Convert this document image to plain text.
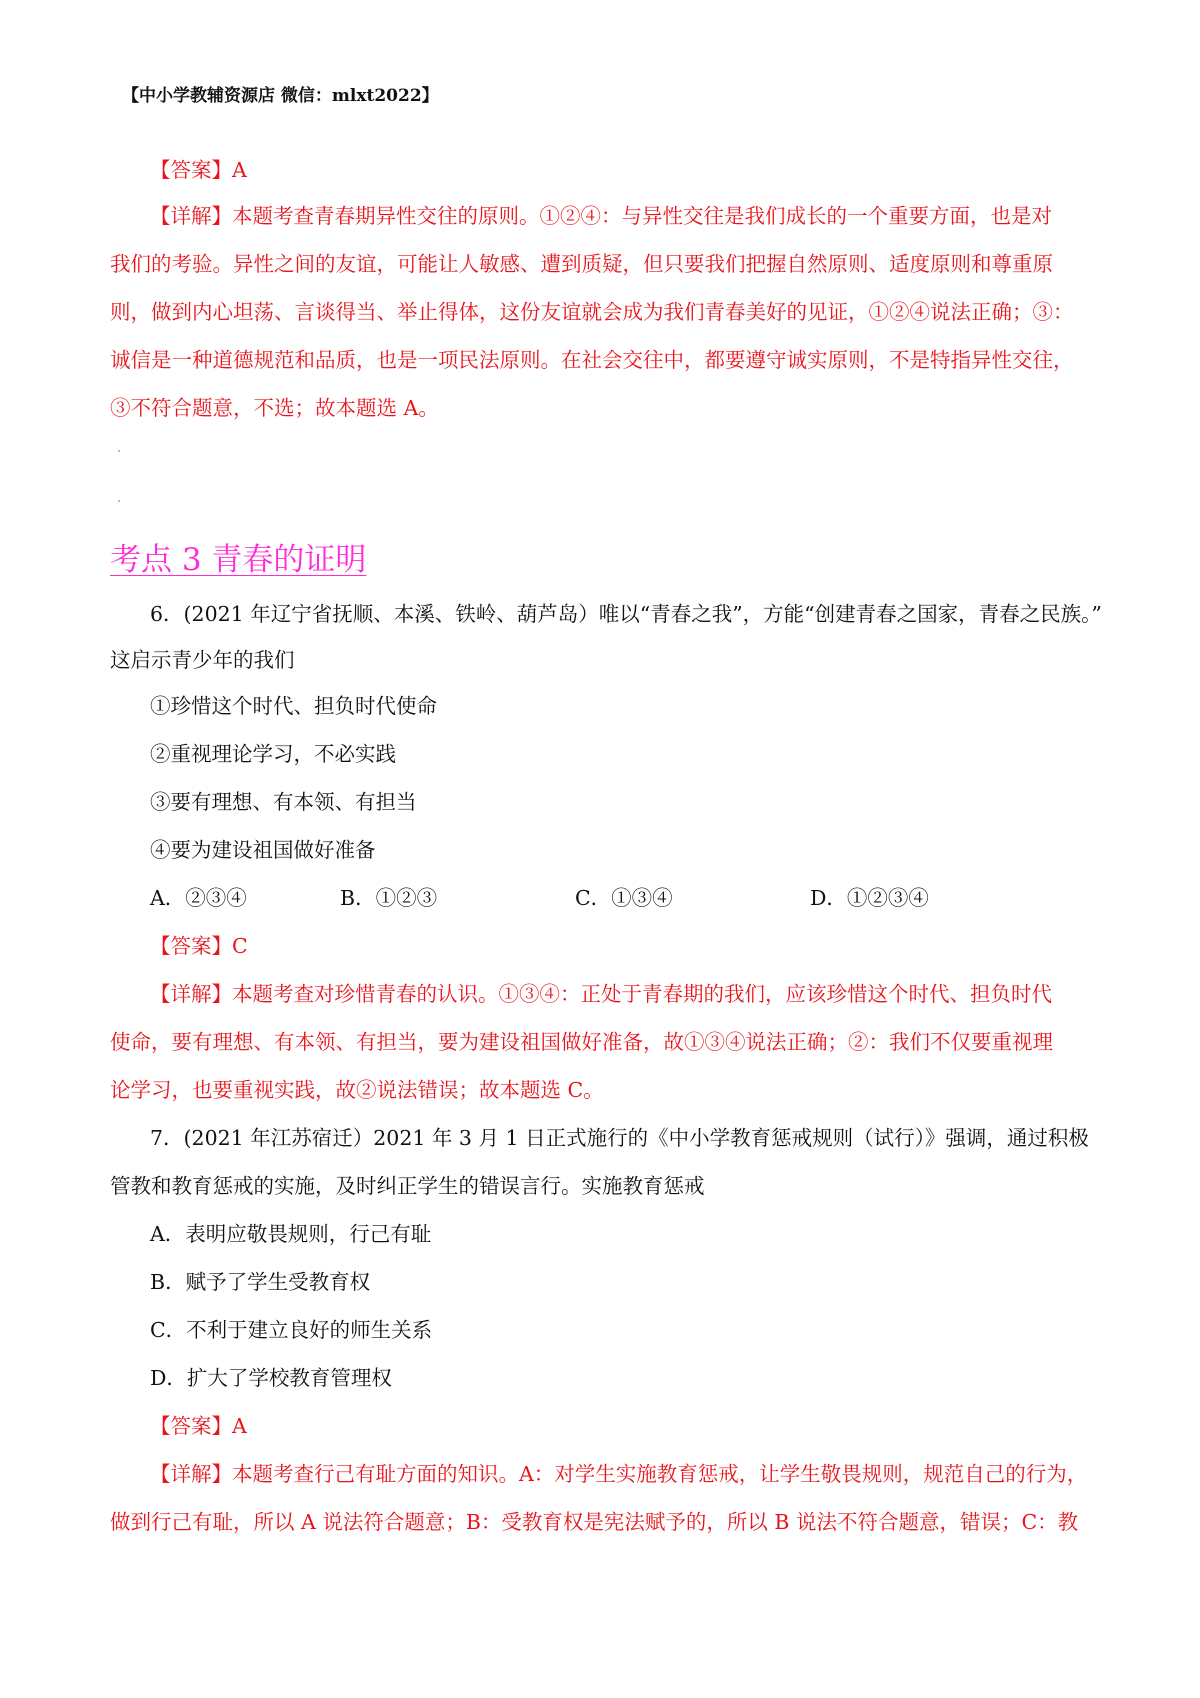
【中小学教辅资源店 微信：mlxt2022】
【答案】A
【详解】本题考查青春期异性交往的原则。①②④：与异性交往是我们成长的一个重要方面，也是对
我们的考验。异性之间的友谊，可能让人敏感、遭到质疑，但只要我们把握自然原则、适度原则和尊重原
则，做到内心坦荡、言谈得当、举止得体，这份友谊就会成为我们青春美好的见证，①②④说法正确；③：
诚信是一种道德规范和品质，也是一项民法原则。在社会交往中，都要遵守诚实原则，不是特指异性交往，
③不符合题意，不选；故本题选 A。
考点 3 青春的证明
6．(2021 年辽宁省抚顺、本溪、铁岭、葫芦岛）唯以“青春之我”，方能“创建青春之国家，青春之民族。”
这启示青少年的我们
①珍惜这个时代、担负时代使命
②重视理论学习，不必实践
③要有理想、有本领、有担当
④要为建设祖国做好准备
A．②③④	B．①②③	C．①③④	D．①②③④
【答案】C
【详解】本题考查对珍惜青春的认识。①③④：正处于青春期的我们，应该珍惜这个时代、担负时代
使命，要有理想、有本领、有担当，要为建设祖国做好准备，故①③④说法正确；②：我们不仅要重视理
论学习，也要重视实践，故②说法错误；故本题选 C。
7．(2021 年江苏宿迁）2021 年 3 月 1 日正式施行的《中小学教育惩戒规则（试行）》强调，通过积极
管教和教育惩戒的实施，及时纠正学生的错误言行。实施教育惩戒
A．表明应敬畏规则，行己有耻
B．赋予了学生受教育权
C．不利于建立良好的师生关系
D．扩大了学校教育管理权
【答案】A
【详解】本题考查行己有耻方面的知识。A：对学生实施教育惩戒，让学生敬畏规则，规范自己的行为，
做到行己有耻，所以 A 说法符合题意；B：受教育权是宪法赋予的，所以 B 说法不符合题意，错误；C：教
